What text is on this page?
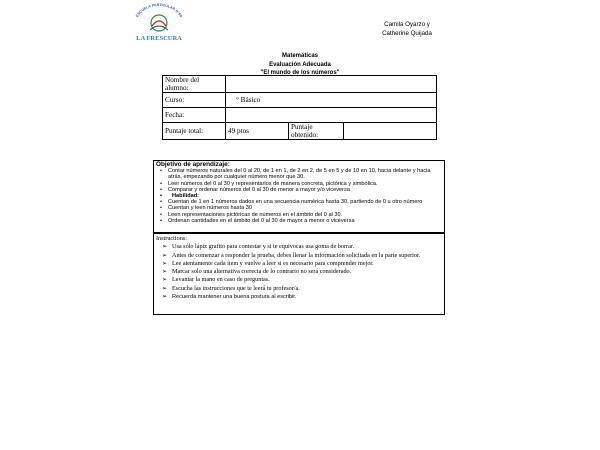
ESCUELA PARTICULAR N°60
LA FRESCURA
Camila Oyarzo y
Catherine Quijada
Matemáticas
Evaluación Adecuada
"El mundo de los números"
Nombre del alumno:			
Curso:	° Básico		
Fecha:			
Puntaje total:	49 ptos	Puntaje obtenido:	
Objetivo de aprendizaje:
• Contar números naturales del 0 al 20, de 1 en 1, de 2 en 2, de 5 en 5 y de 10 en 10, hacia delante y hacia atrás, empezando por cualquier número menor que 30.
• Leer números del 0 al 30 y representarlos de manera concreta, pictórica y simbólica.
• Comparar y ordenar números del 0 al 30 de menor a mayor y/o viceversa
• Habilidad:
• Cuentan de 1 en 1 números dados en una secuencia numérica hasta 30, partiendo de 0 u otro número
• Cuentan y leen números hasta 30
• Leen representaciones pictóricas de números en el ámbito del 0 al 30.
• Ordenan cantidades en el ámbito del 0 al 30 de mayor a menor o viceversa
Instructions:
➢ Usa sólo lápiz grafito para contestar y si te equivocas usa goma de borrar.
➢ Antes de comenzar a responder la prueba, debes llenar la información solicitada en la parte superior.
➢ Lee atentamente cada ítem y vuelve a leer si es necesario para comprender mejor.
➢ Marcar solo una alternativa correcta de lo contrario no será considerado.
➢ Levantar la mano en caso de preguntas.
➢ Escucha las instrucciones que te leerá tu profesor/a.
➢ Recuerda mantener una buena postura al escribir.
